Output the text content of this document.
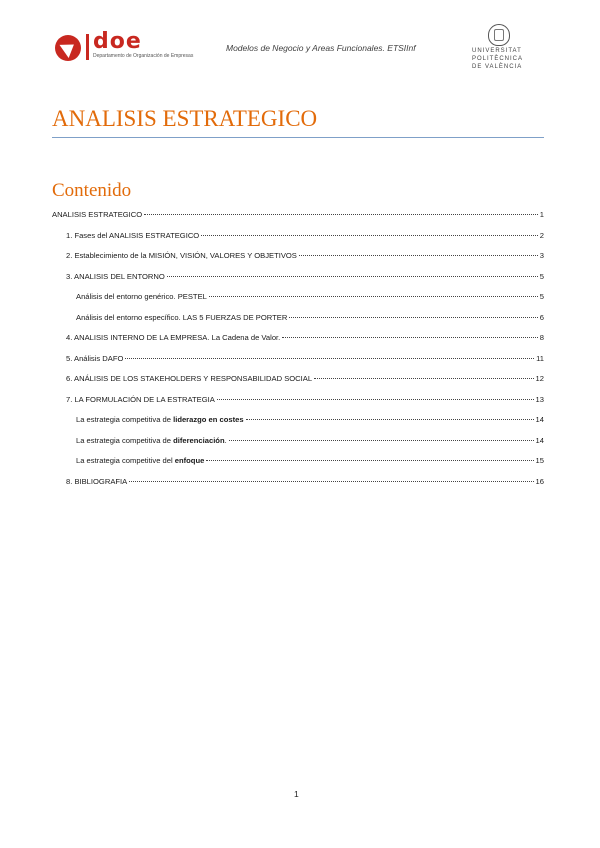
doe
Departamento de Organización de Empresas
Modelos de Negocio y Areas Funcionales. ETSIInf	UNIVERSITAT
POLITÈCNICA
DE VALÈNCIA
ANALISIS ESTRATEGICO
Contenido
ANALISIS ESTRATEGICO	1
1. Fases del ANALISIS ESTRATEGICO	2
2. Establecimiento de la MISIÓN, VISIÓN, VALORES Y OBJETIVOS	3
3. ANALISIS DEL ENTORNO	5
Análisis del entorno genérico. PESTEL	5
Análisis del entorno específico. LAS 5 FUERZAS DE PORTER	6
4. ANALISIS INTERNO DE LA EMPRESA. La Cadena de Valor.	8
5. Análisis DAFO	11
6. ANÁLISIS DE LOS STAKEHOLDERS Y RESPONSABILIDAD SOCIAL	12
7. LA FORMULACIÓN DE LA ESTRATEGIA	13
La estrategia competitiva de liderazgo en costes	14
La estrategia competitiva de diferenciación.	14
La estrategia competitive del enfoque	15
8. BIBLIOGRAFIA	16
1
